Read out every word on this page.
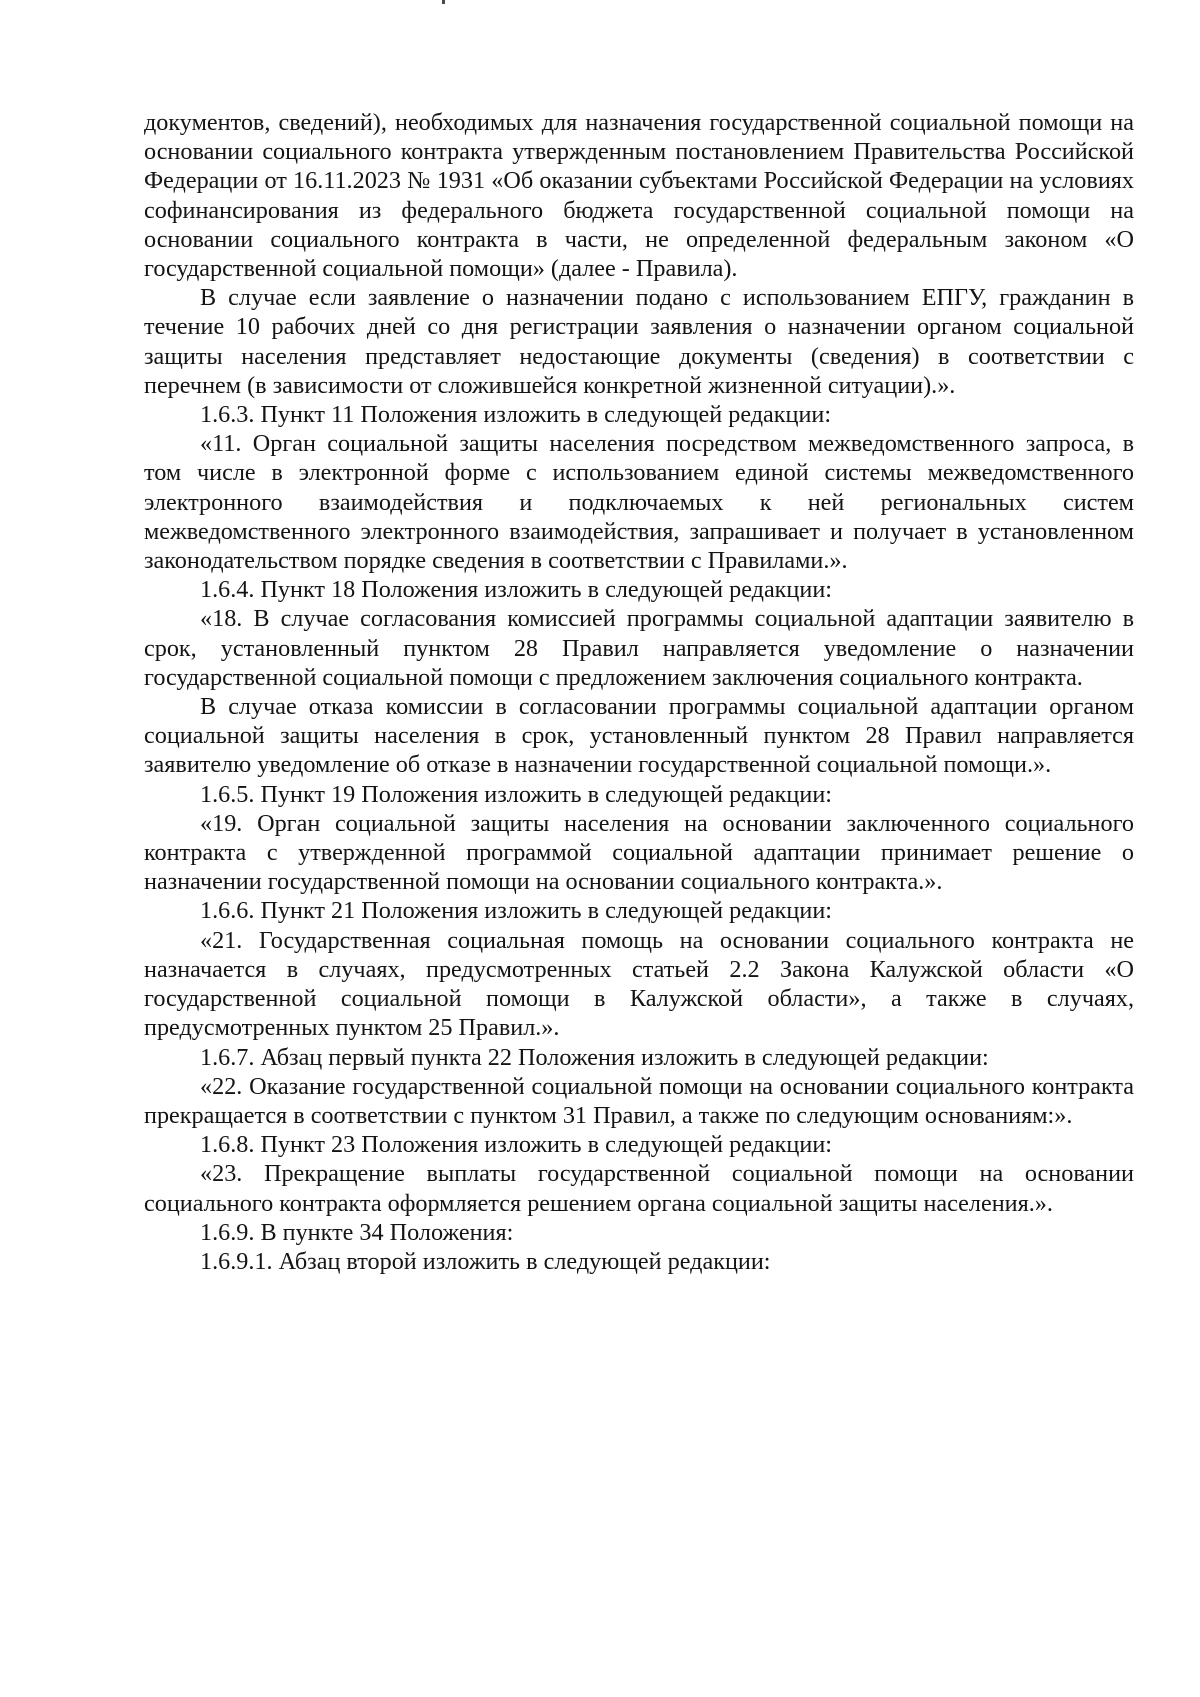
документов, сведений), необходимых для назначения государственной социальной помощи на основании социального контракта утвержденным постановлением Правительства Российской Федерации от 16.11.2023 № 1931 «Об оказании субъектами Российской Федерации на условиях софинансирования из федерального бюджета государственной социальной помощи на основании социального контракта в части, не определенной федеральным законом «О государственной социальной помощи» (далее - Правила).

В случае если заявление о назначении подано с использованием ЕПГУ, гражданин в течение 10 рабочих дней со дня регистрации заявления о назначении органом социальной защиты населения представляет недостающие документы (сведения) в соответствии с перечнем (в зависимости от сложившейся конкретной жизненной ситуации).».

1.6.3. Пункт 11 Положения изложить в следующей редакции:

«11. Орган социальной защиты населения посредством межведомственного запроса, в том числе в электронной форме с использованием единой системы межведомственного электронного взаимодействия и подключаемых к ней региональных систем межведомственного электронного взаимодействия, запрашивает и получает в установленном законодательством порядке сведения в соответствии с Правилами.».

1.6.4. Пункт 18 Положения изложить в следующей редакции:

«18. В случае согласования комиссией программы социальной адаптации заявителю в срок, установленный пунктом 28 Правил направляется уведомление о назначении государственной социальной помощи с предложением заключения социального контракта.

В случае отказа комиссии в согласовании программы социальной адаптации органом социальной защиты населения в срок, установленный пунктом 28 Правил направляется заявителю уведомление об отказе в назначении государственной социальной помощи.».

1.6.5. Пункт 19 Положения изложить в следующей редакции:

«19. Орган социальной защиты населения на основании заключенного социального контракта с утвержденной программой социальной адаптации принимает решение о назначении государственной помощи на основании социального контракта.».

1.6.6. Пункт 21 Положения изложить в следующей редакции:

«21. Государственная социальная помощь на основании социального контракта не назначается в случаях, предусмотренных статьей 2.2 Закона Калужской области «О государственной социальной помощи в Калужской области», а также в случаях, предусмотренных пунктом 25 Правил.».

1.6.7. Абзац первый пункта 22 Положения изложить в следующей редакции:

«22. Оказание государственной социальной помощи на основании социального контракта прекращается в соответствии с пунктом 31 Правил, а также по следующим основаниям:».

1.6.8. Пункт 23 Положения изложить в следующей редакции:

«23. Прекращение выплаты государственной социальной помощи на основании социального контракта оформляется решением органа социальной защиты населения.».

1.6.9. В пункте 34 Положения:

1.6.9.1. Абзац второй изложить в следующей редакции:
